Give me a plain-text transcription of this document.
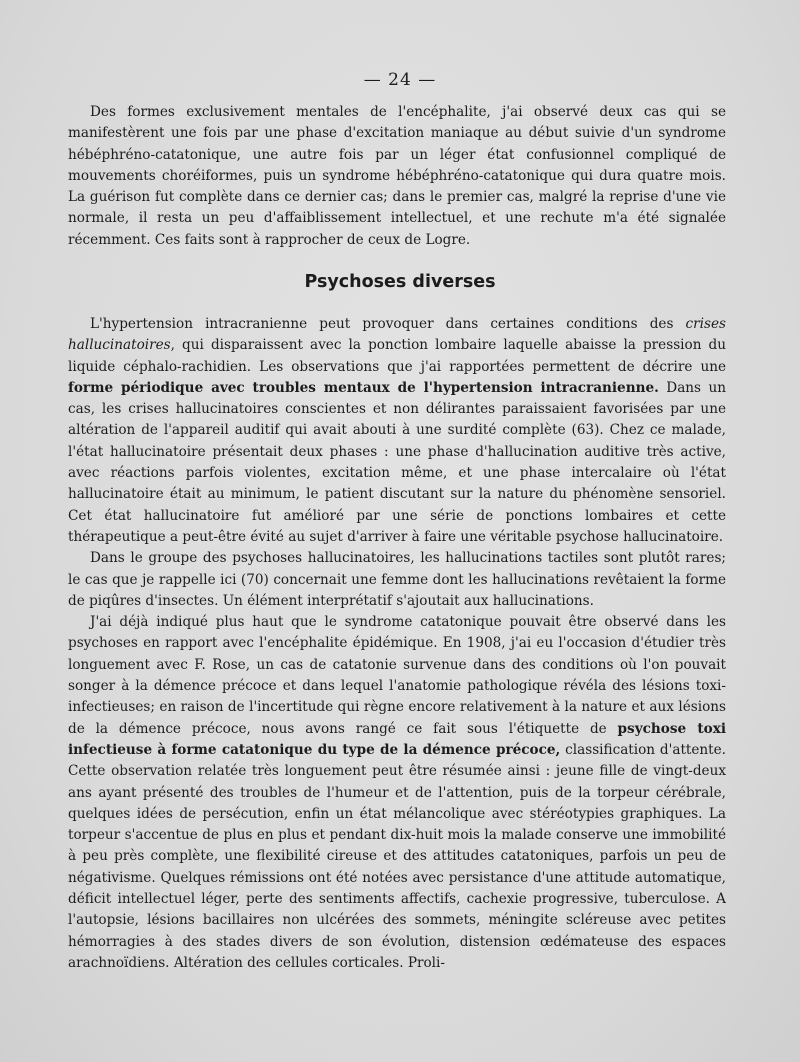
— 24 —

Des formes exclusivement mentales de l'encéphalite, j'ai observé deux cas qui se manifestèrent une fois par une phase d'excitation maniaque au début suivie d'un syndrome hébéphréno-catatonique, une autre fois par un léger état confusionnel compliqué de mouvements choréiformes, puis un syndrome hébéphréno-catatonique qui dura quatre mois. La guérison fut complète dans ce dernier cas; dans le premier cas, malgré la reprise d'une vie normale, il resta un peu d'affaiblissement intellectuel, et une rechute m'a été signalée récemment. Ces faits sont à rapprocher de ceux de Logre.

Psychoses diverses

L'hypertension intracranienne peut provoquer dans certaines conditions des crises hallucinatoires, qui disparaissent avec la ponction lombaire laquelle abaisse la pression du liquide céphalo-rachidien. Les observations que j'ai rapportées permettent de décrire une forme périodique avec troubles mentaux de l'hypertension intracranienne. Dans un cas, les crises hallucinatoires conscientes et non délirantes paraissaient favorisées par une altération de l'appareil auditif qui avait abouti à une surdité complète (63). Chez ce malade, l'état hallucinatoire présentait deux phases : une phase d'hallucination auditive très active, avec réactions parfois violentes, excitation même, et une phase intercalaire où l'état hallucinatoire était au minimum, le patient discutant sur la nature du phénomène sensoriel. Cet état hallucinatoire fut amélioré par une série de ponctions lombaires et cette thérapeutique a peut-être évité au sujet d'arriver à faire une véritable psychose hallucinatoire.

Dans le groupe des psychoses hallucinatoires, les hallucinations tactiles sont plutôt rares; le cas que je rappelle ici (70) concernait une femme dont les hallucinations revêtaient la forme de piqûres d'insectes. Un élément interprétatif s'ajoutait aux hallucinations.

J'ai déjà indiqué plus haut que le syndrome catatonique pouvait être observé dans les psychoses en rapport avec l'encéphalite épidémique. En 1908, j'ai eu l'occasion d'étudier très longuement avec F. Rose, un cas de catatonie survenue dans des conditions où l'on pouvait songer à la démence précoce et dans lequel l'anatomie pathologique révéla des lésions toxi-infectieuses; en raison de l'incertitude qui règne encore relativement à la nature et aux lésions de la démence précoce, nous avons rangé ce fait sous l'étiquette de psychose toxi infectieuse à forme catatonique du type de la démence précoce, classification d'attente. Cette observation relatée très longuement peut être résumée ainsi : jeune fille de vingt-deux ans ayant présenté des troubles de l'humeur et de l'attention, puis de la torpeur cérébrale, quelques idées de persécution, enfin un état mélancolique avec stéréotypies graphiques. La torpeur s'accentue de plus en plus et pendant dix-huit mois la malade conserve une immobilité à peu près complète, une flexibilité cireuse et des attitudes catatoniques, parfois un peu de négativisme. Quelques rémissions ont été notées avec persistance d'une attitude automatique, déficit intellectuel léger, perte des sentiments affectifs, cachexie progressive, tuberculose. A l'autopsie, lésions bacillaires non ulcérées des sommets, méningite scléreuse avec petites hémorragies à des stades divers de son évolution, distension œdémateuse des espaces arachnoïdiens. Altération des cellules corticales. Proli-
